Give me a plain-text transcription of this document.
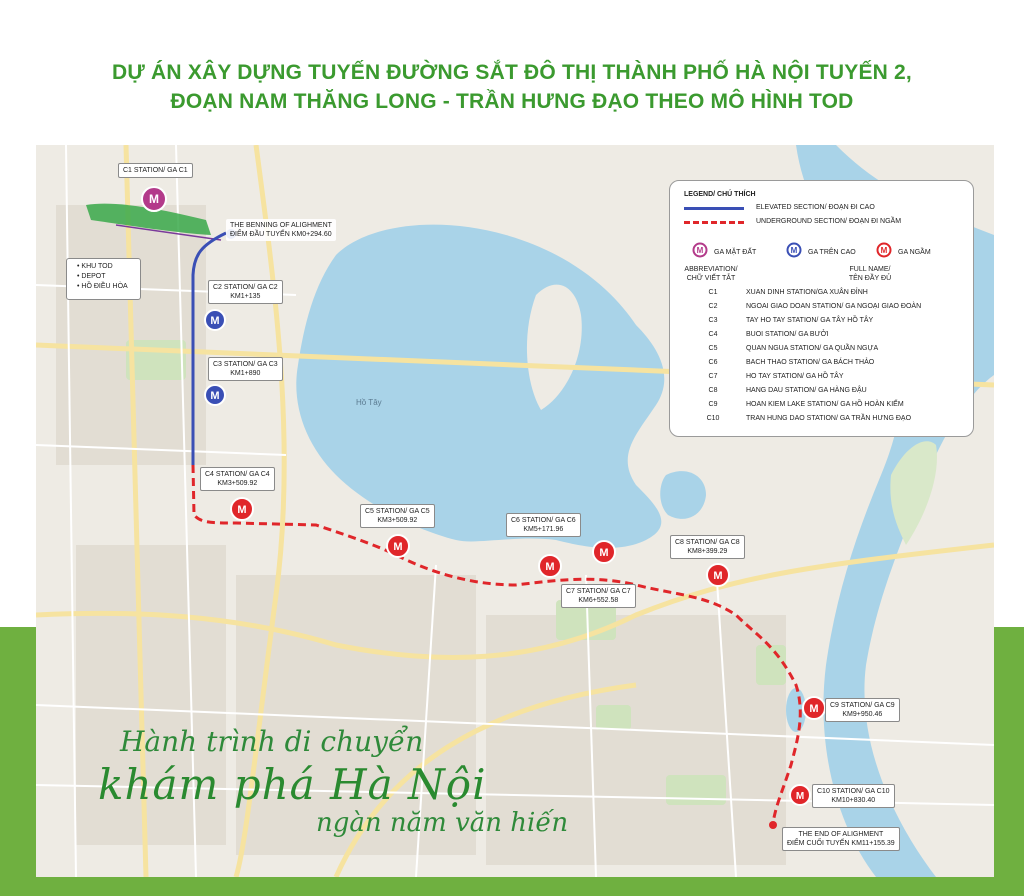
DỰ ÁN XÂY DỰNG TUYẾN ĐƯỜNG SẮT ĐÔ THỊ THÀNH PHỐ HÀ NỘI TUYẾN 2,
ĐOẠN NAM THĂNG LONG - TRẦN HƯNG ĐẠO THEO MÔ HÌNH TOD
Hồ Tây
M
M
M
M
M
M
M
M
M
M
C1 STATION/ GA C1
THE BENNING OF ALIGHMENT
ĐIỂM ĐẦU TUYẾN KM0+294.60
• KHU TOD
• DEPOT
• HỒ ĐIỀU HÒA	C2 STATION/ GA C2
KM1+135
C3 STATION/ GA C3
KM1+890
C4 STATION/ GA C4
KM3+509.92
C5 STATION/ GA C5
KM3+509.92	C6 STATION/ GA C6
KM5+171.96
C7 STATION/ GA C7
KM6+552.58
C8 STATION/ GA C8
KM8+399.29
C9 STATION/ GA C9
KM9+950.46
C10 STATION/ GA C10
KM10+830.40
THE END OF ALIGHMENT
ĐIỂM CUỐI TUYẾN KM11+155.39
LEGEND/ CHÚ THÍCH
ELEVATED SECTION/ ĐOẠN ĐI CAO
UNDERGROUND SECTION/ ĐOẠN ĐI NGẦM
M GA MẶT ĐẤT	M GA TRÊN CAO	M GA NGẦM
ABBREVIATION/
CHỮ VIẾT TẮT
FULL NAME/
TÊN ĐẦY ĐỦ
C1	XUAN DINH STATION/GA XUÂN ĐỈNH
C2	NGOAI GIAO DOAN STATION/ GA NGOẠI GIAO ĐOÀN
C3	TAY HO TAY STATION/ GA TÂY HỒ TÂY
C4	BUOI STATION/ GA BƯỞI
C5	QUAN NGUA STATION/ GA QUẦN NGỰA
C6	BACH THAO STATION/ GA BÁCH THẢO
C7	HO TAY STATION/ GA HỒ TÂY
C8	HANG DAU STATION/ GA HÀNG ĐẬU
C9	HOAN KIEM LAKE STATION/ GA HỒ HOÀN KIẾM
C10	TRAN HUNG DAO STATION/ GA TRẦN HƯNG ĐẠO
Hành trình di chuyển
khám phá Hà Nội
ngàn năm văn hiến
